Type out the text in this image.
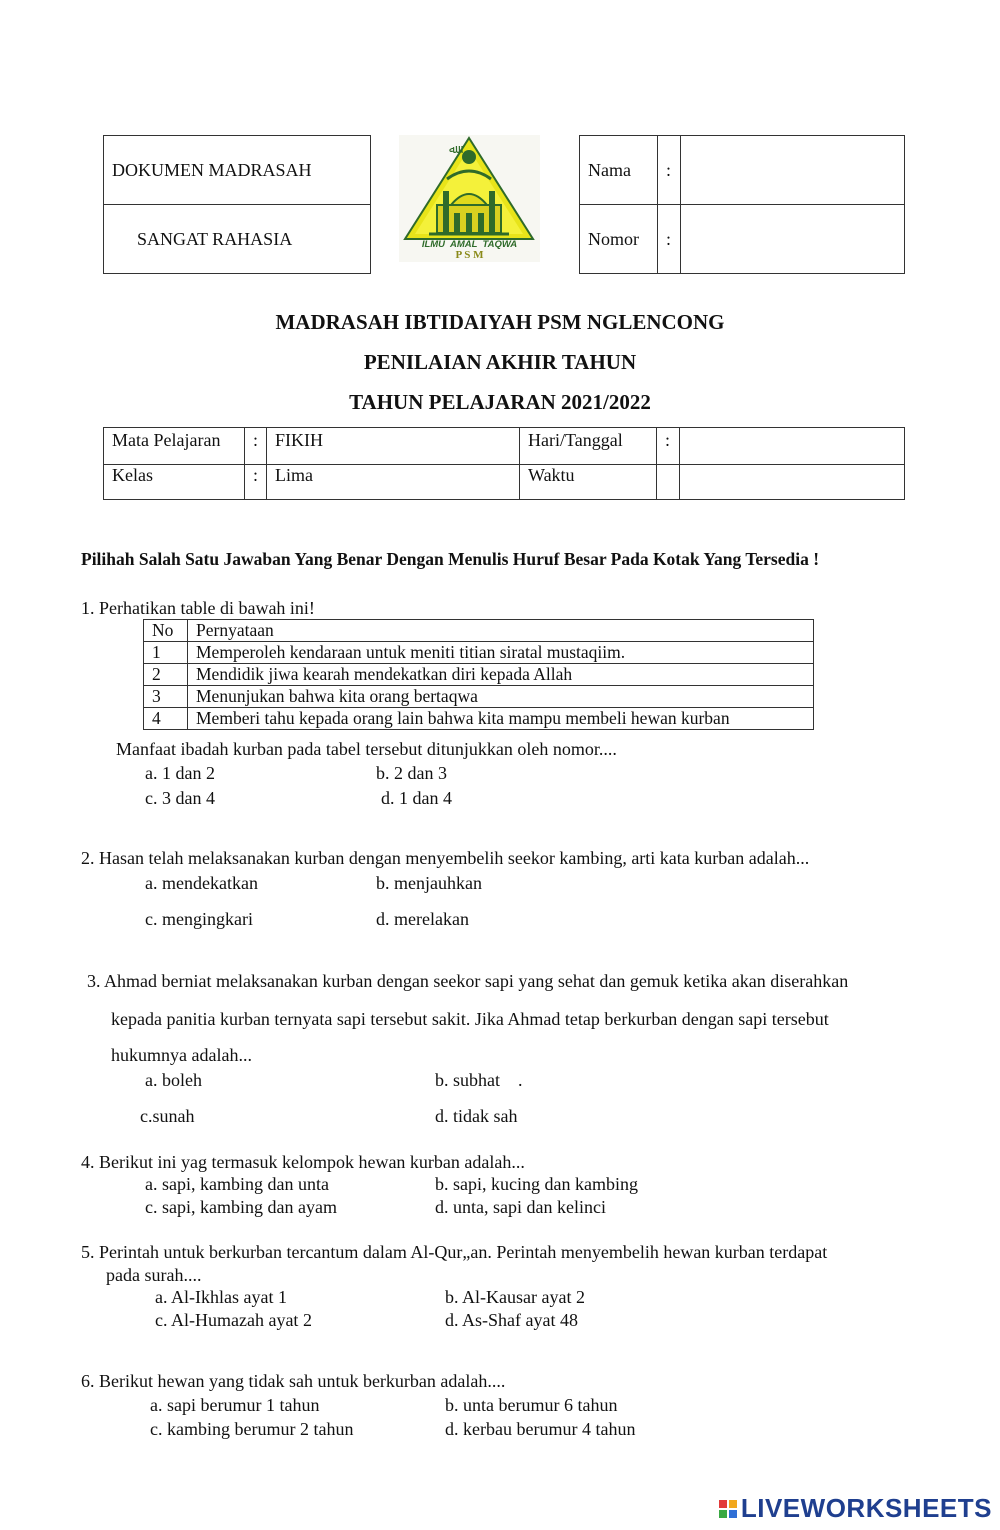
DOKUMEN MADRASAH
SANGAT RAHASIA
ﷲ
ILMU  AMAL  TAQWA
P S M
Nama	:	
Nomor	:	
MADRASAH IBTIDAIYAH PSM NGLENCONG
PENILAIAN AKHIR TAHUN
TAHUN PELAJARAN 2021/2022
Mata Pelajaran	:	FIKIH	Hari/Tanggal	:	
Kelas	:	Lima	Waktu		
Pilihah Salah Satu Jawaban Yang Benar Dengan Menulis Huruf Besar Pada Kotak Yang Tersedia !
1. Perhatikan table di bawah ini!
No	Pernyataan
1	Memperoleh kendaraan untuk meniti titian siratal mustaqiim.
2	Mendidik jiwa kearah mendekatkan diri kepada Allah
3	Menunjukan bahwa kita orang bertaqwa
4	Memberi tahu kepada orang lain bahwa kita mampu membeli hewan kurban
Manfaat ibadah kurban pada tabel tersebut ditunjukkan oleh nomor....
a. 1 dan 2	b. 2 dan 3
c. 3 dan 4	d. 1 dan 4
2. Hasan telah melaksanakan kurban dengan menyembelih seekor kambing, arti kata kurban adalah...
a. mendekatkan	b. menjauhkan
c. mengingkari	d. merelakan
3. Ahmad berniat melaksanakan kurban dengan seekor sapi yang sehat dan gemuk ketika akan diserahkan
kepada panitia kurban ternyata sapi tersebut sakit. Jika Ahmad tetap berkurban dengan sapi tersebut
hukumnya adalah...
a. boleh	b. subhat    .
c.sunah	d. tidak sah
4. Berikut ini yag termasuk kelompok hewan kurban adalah...
a. sapi, kambing dan unta	b. sapi, kucing dan kambing
c. sapi, kambing dan ayam	d. unta, sapi dan kelinci
5. Perintah untuk berkurban tercantum dalam Al-Qur„an. Perintah menyembelih hewan kurban terdapat
pada surah....
a. Al-Ikhlas ayat 1	b. Al-Kausar ayat 2
c. Al-Humazah ayat 2	d. As-Shaf ayat 48
6. Berikut hewan yang tidak sah untuk berkurban adalah....
a. sapi berumur 1 tahun	b. unta berumur 6 tahun
c. kambing berumur 2 tahun	d. kerbau berumur 4 tahun
LIVEWORKSHEETS
